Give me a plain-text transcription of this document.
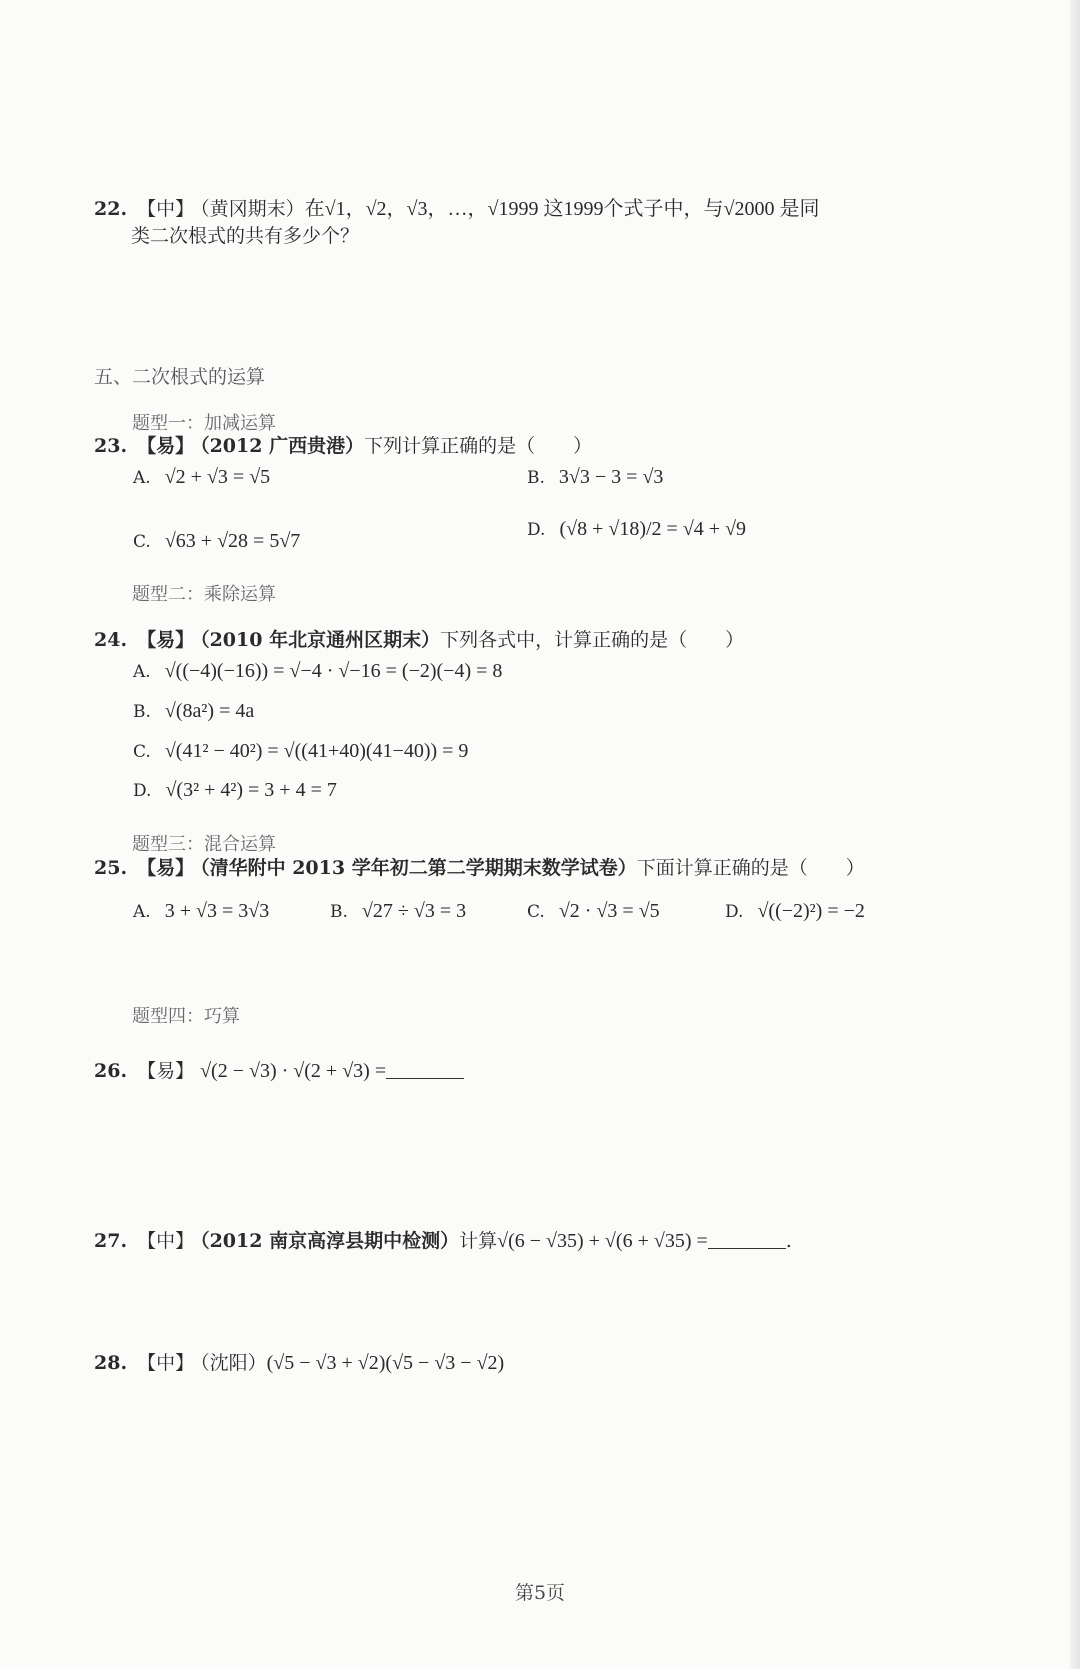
22. 【中】 （黄冈期末）在√1，√2，√3，…，√1999 这1999个式子中，与√2000 是同
类二次根式的共有多少个？
五、二次根式的运算
题型一：加减运算
23. 【易】 （2012 广西贵港）下列计算正确的是（　　）
A. √2 + √3 = √5	B. 3√3 − 3 = √3
C. √63 + √28 = 5√7
D. (√8 + √18)/2 = √4 + √9
题型二：乘除运算
24. 【易】 （2010 年北京通州区期末）下列各式中，计算正确的是（　　）
A. √((−4)(−16)) = √−4 · √−16 = (−2)(−4) = 8
B. √(8a²) = 4a
C. √(41² − 40²) = √((41+40)(41−40)) = 9
D. √(3² + 4²) = 3 + 4 = 7
题型三：混合运算
25. 【易】 （清华附中 2013 学年初二第二学期期末数学试卷）下面计算正确的是（　　）
A. 3 + √3 = 3√3	B. √27 ÷ √3 = 3	C. √2 · √3 = √5	D. √((−2)²) = −2
题型四：巧算
26. 【易】 √(2 − √3) · √(2 + √3) =
27. 【中】 （2012 南京高淳县期中检测）计算√(6 − √35) + √(6 + √35) =	.
28. 【中】 （沈阳）(√5 − √3 + √2)(√5 − √3 − √2)
第5页
